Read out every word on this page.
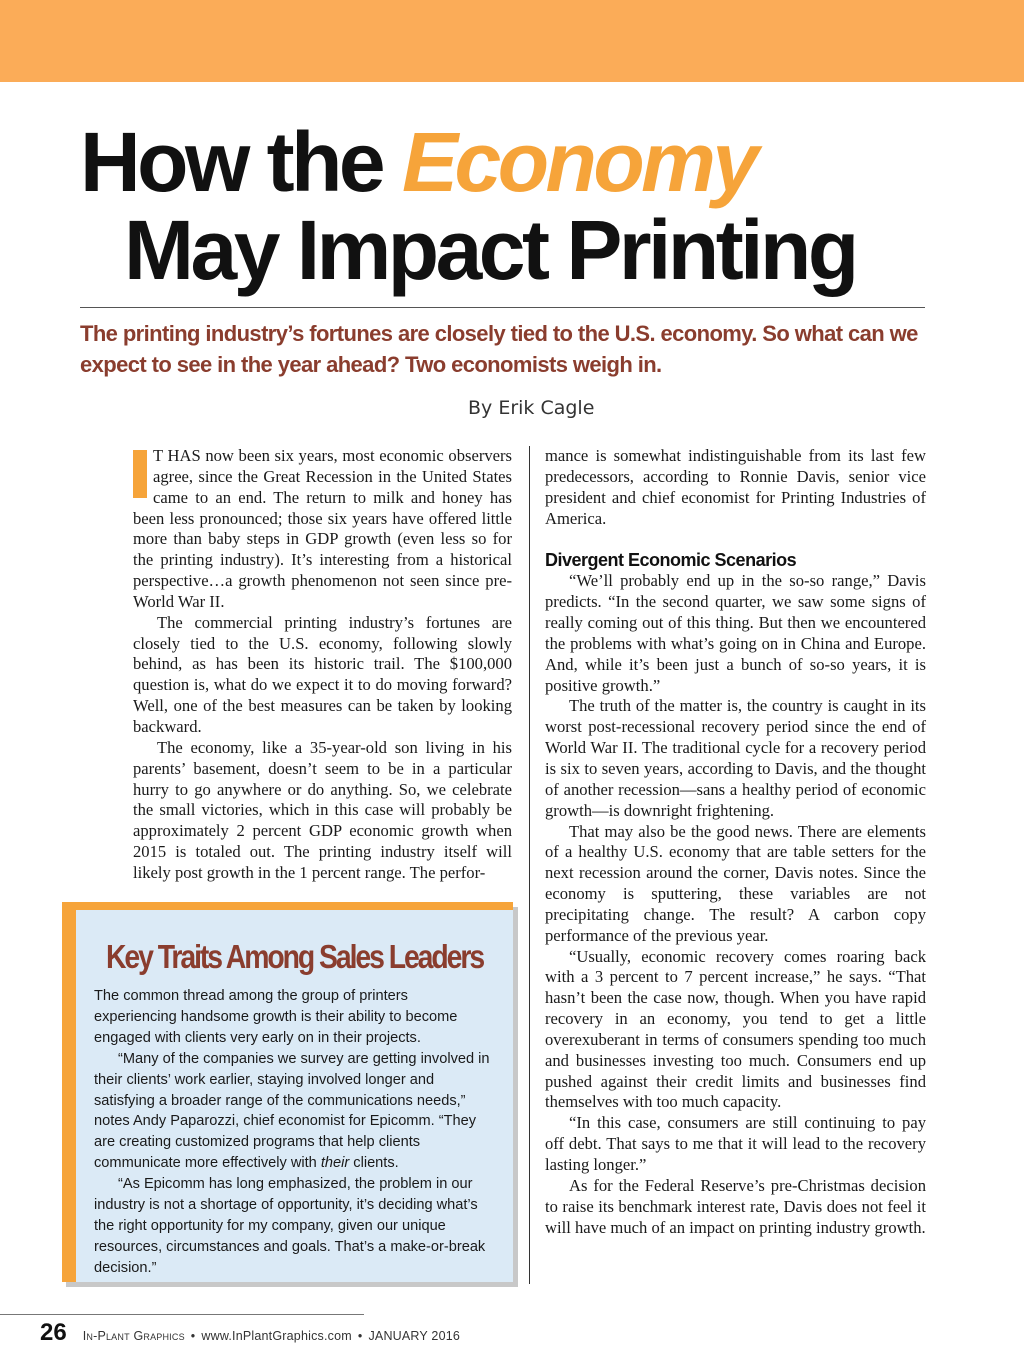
How the Economy
May Impact Printing
The printing industry’s fortunes are closely tied to the U.S. economy. So what can we expect to see in the year ahead? Two economists weigh in.
By Erik Cagle

T HAS now been six years, most economic observers agree, since the Great Recession in the United States came to an end. The return to milk and honey has been less pronounced; those six years have offered little more than baby steps in GDP growth (even less so for the printing industry). It’s interesting from a historical perspective…a growth phenomenon not seen since pre-World War II.

The commercial printing industry’s fortunes are closely tied to the U.S. economy, following slowly behind, as has been its historic trail. The $100,000 question is, what do we expect it to do moving forward? Well, one of the best measures can be taken by looking backward.

The economy, like a 35-year-old son living in his parents’ basement, doesn’t seem to be in a particular hurry to go anywhere or do anything. So, we celebrate the small victories, which in this case will probably be approximately 2 percent GDP economic growth when 2015 is totaled out. The printing industry itself will likely post growth in the 1 percent range. The perfor-

mance is somewhat indistinguishable from its last few predecessors, according to Ronnie Davis, senior vice president and chief economist for Printing Industries of America.

Divergent Economic Scenarios

“We’ll probably end up in the so-so range,” Davis predicts. “In the second quarter, we saw some signs of really coming out of this thing. But then we encountered the problems with what’s going on in China and Europe. And, while it’s been just a bunch of so-so years, it is positive growth.”

The truth of the matter is, the country is caught in its worst post-recessional recovery period since the end of World War II. The traditional cycle for a recovery period is six to seven years, according to Davis, and the thought of another recession—sans a healthy period of economic growth—is downright frightening.

That may also be the good news. There are elements of a healthy U.S. economy that are table setters for the next recession around the corner, Davis notes. Since the economy is sputtering, these variables are not precipitating change. The result? A carbon copy performance of the previous year.

“Usually, economic recovery comes roaring back with a 3 percent to 7 percent increase,” he says. “That hasn’t been the case now, though. When you have rapid recovery in an economy, you tend to get a little overexuberant in terms of consumers spending too much and businesses investing too much. Consumers end up pushed against their credit limits and businesses find themselves with too much capacity.

“In this case, consumers are still continuing to pay off debt. That says to me that it will lead to the recovery lasting longer.”

As for the Federal Reserve’s pre-Christmas decision to raise its benchmark interest rate, Davis does not feel it will have much of an impact on printing industry growth.

Key Traits Among Sales Leaders

The common thread among the group of printers experiencing handsome growth is their ability to become engaged with clients very early on in their projects.

“Many of the companies we survey are getting involved in their clients’ work earlier, staying involved longer and satisfying a broader range of the communications needs,” notes Andy Paparozzi, chief economist for Epicomm. “They are creating customized programs that help clients communicate more effectively with their clients.

“As Epicomm has long emphasized, the problem in our industry is not a shortage of opportunity, it’s deciding what’s the right opportunity for my company, given our unique resources, circumstances and goals. That’s a make-or-break decision.”

26 In-Plant Graphics • www.InPlantGraphics.com • JANUARY 2016
